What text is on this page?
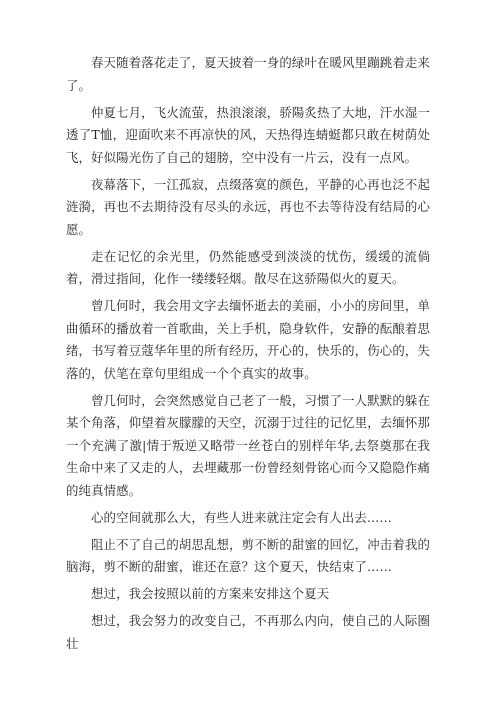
春天随着落花走了，夏天披着一身的绿叶在暖风里蹦跳着走来了。

仲夏七月，飞火流萤，热浪滚滚，骄陽炙热了大地，汗水湿一透了T恤，迎面吹来不再凉快的风，天热得连蜻蜓都只敢在树荫处飞，好似陽光伤了自己的翅膀，空中没有一片云，没有一点风。

夜幕落下，一江孤寂，点缀落寞的颜色，平静的心再也泛不起涟漪，再也不去期待没有尽头的永远，再也不去等待没有结局的心愿。

走在记忆的余光里，仍然能感受到淡淡的忧伤，缓缓的流倘着，滑过指间，化作一缕缕轻烟。散尽在这骄陽似火的夏天。

曾几何时，我会用文字去缅怀逝去的美丽，小小的房间里，单曲循环的播放着一首歌曲，关上手机，隐身软件，安静的酝酿着思绪，书写着豆蔻华年里的所有经历，开心的，快乐的，伤心的，失落的，伏笔在章句里组成一个个真实的故事。

曾几何时，会突然感觉自己老了一般，习惯了一人默默的躲在某个角落，仰望着灰朦朦的天空，沉溺于过往的记忆里，去缅怀那一个充满了激|情于叛逆又略带一丝苍白的别样年华,去祭奠那在我生命中来了又走的人，去埋藏那一份曾经刻骨铭心而今又隐隐作痛的纯真情感。

心的空间就那么大，有些人进来就注定会有人出去……

阻止不了自己的胡思乱想，剪不断的甜蜜的回忆，冲击着我的脑海，剪不断的甜蜜，谁还在意？这个夏天，快结束了……

想过，我会按照以前的方案来安排这个夏天

想过，我会努力的改变自己，不再那么内向，使自己的人际圈壮
